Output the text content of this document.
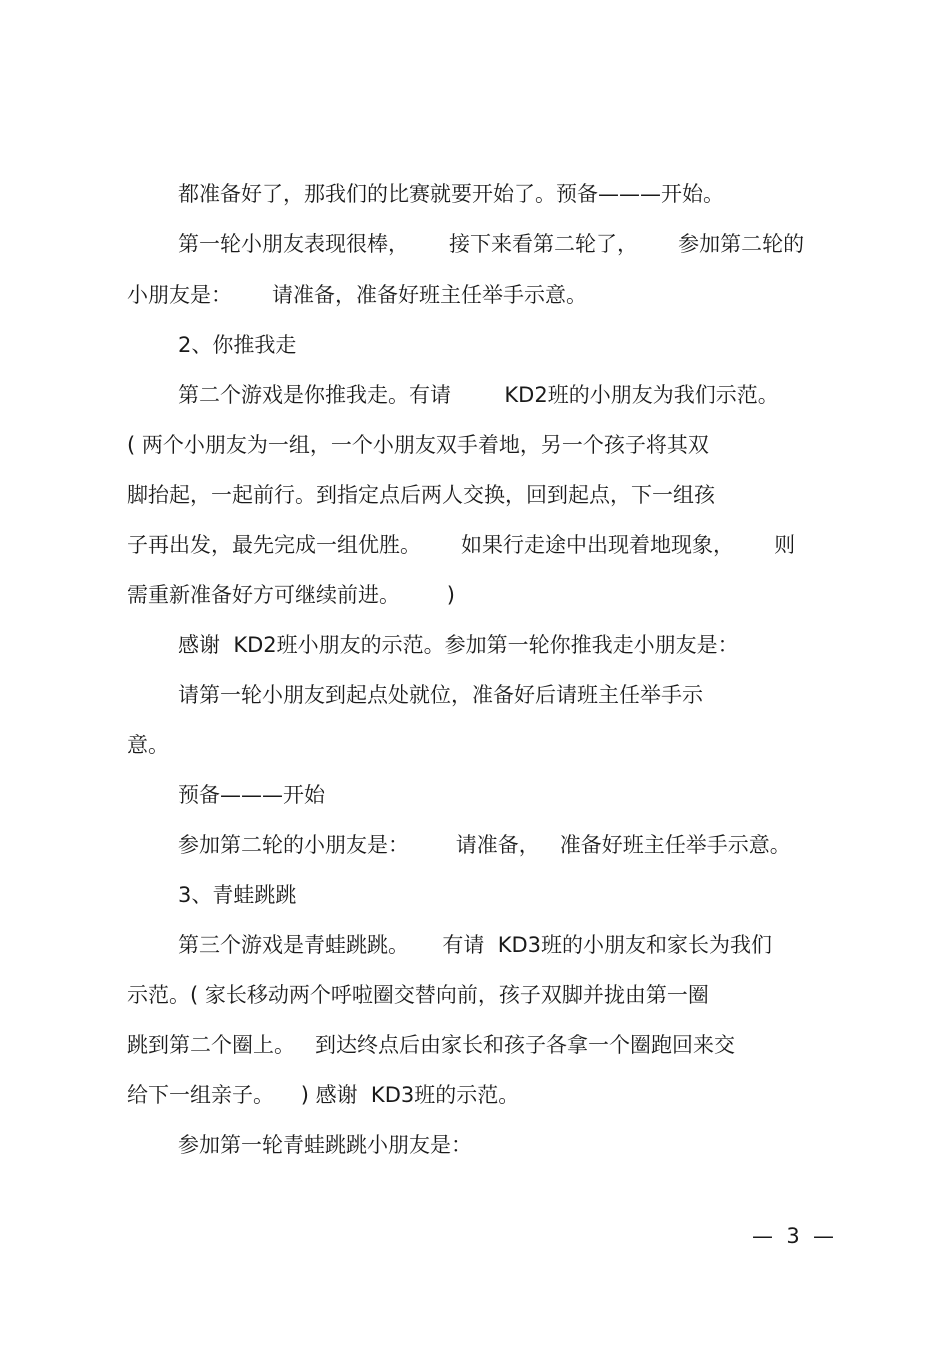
都准备好了，那我们的比赛就要开始了。预备———开始。
第一轮小朋友表现很棒，      接下来看第二轮了，      参加第二轮的
小朋友是：      请准备，准备好班主任举手示意。
2、你推我走
第二个游戏是你推我走。有请        KD2班的小朋友为我们示范。
( 两个小朋友为一组，一个小朋友双手着地，另一个孩子将其双
脚抬起，一起前行。到指定点后两人交换，回到起点，下一组孩
子再出发，最先完成一组优胜。      如果行走途中出现着地现象，      则
需重新准备好方可继续前进。       )
感谢  KD2班小朋友的示范。参加第一轮你推我走小朋友是：
请第一轮小朋友到起点处就位，准备好后请班主任举手示
意。
预备———开始
参加第二轮的小朋友是：       请准备，   准备好班主任举手示意。
3、青蛙跳跳
第三个游戏是青蛙跳跳。     有请  KD3班的小朋友和家长为我们
示范。( 家长移动两个呼啦圈交替向前，孩子双脚并拢由第一圈
跳到第二个圈上。   到达终点后由家长和孩子各拿一个圈跑回来交
给下一组亲子。    ) 感谢  KD3班的示范。
参加第一轮青蛙跳跳小朋友是：
—  3  —
